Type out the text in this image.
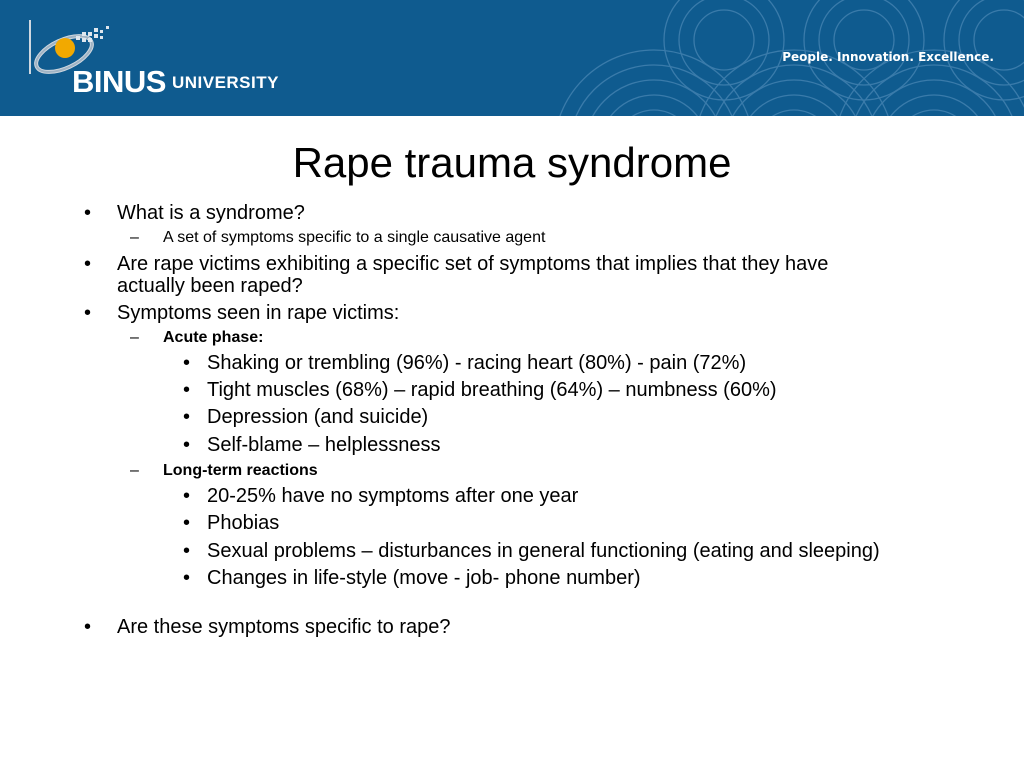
BINUS UNIVERSITY
People. Innovation. Excellence.
Rape trauma syndrome
• What is a syndrome?
– A set of symptoms specific to a single causative agent
• Are rape victims exhibiting a specific set of symptoms that implies that they have
actually been raped?
• Symptoms seen in rape victims:
– Acute phase:
• Shaking or trembling (96%) - racing heart (80%) - pain (72%)
• Tight muscles (68%) – rapid breathing (64%) – numbness (60%)
• Depression (and suicide)
• Self-blame – helplessness
– Long-term reactions
• 20-25% have no symptoms after one year
• Phobias
• Sexual problems – disturbances in general functioning (eating and sleeping)
• Changes in life-style (move - job- phone number)
• Are these symptoms specific to rape?
